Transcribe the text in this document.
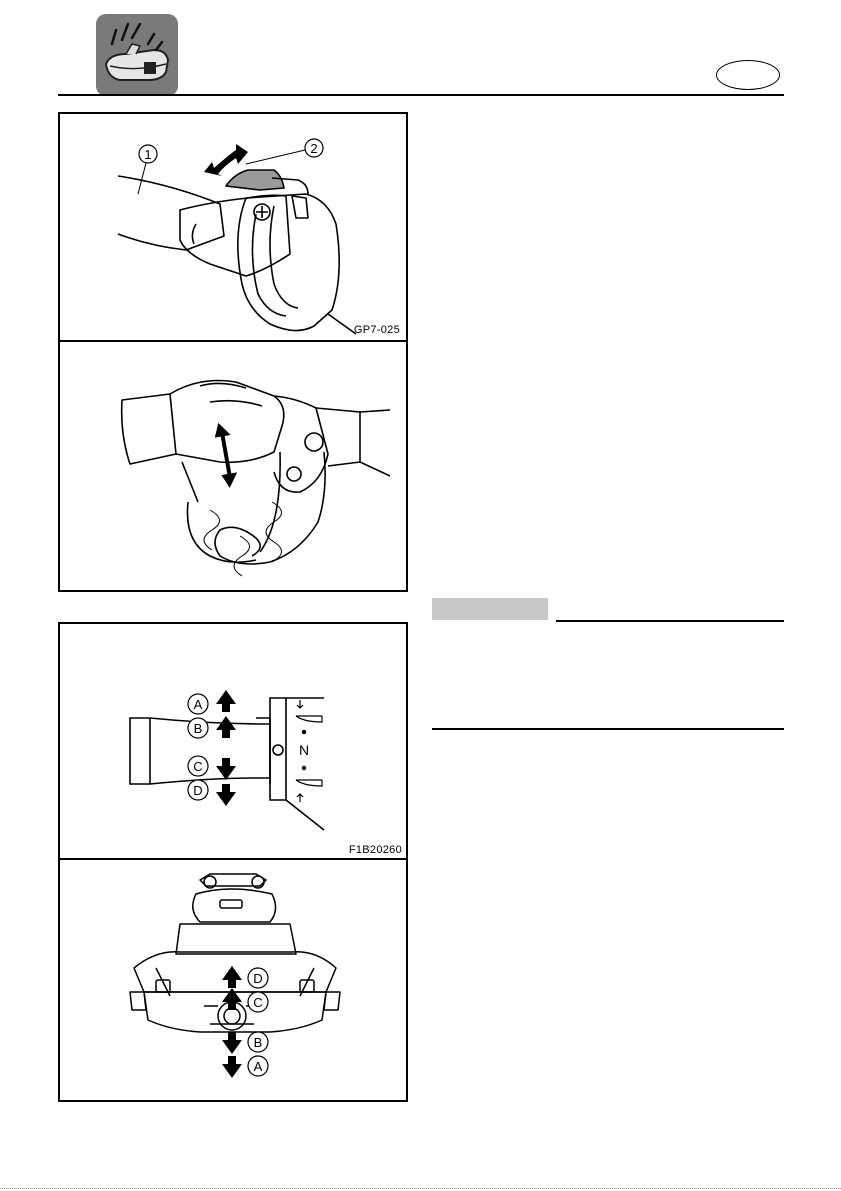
1	2
GP7-025
A
B
C
D
N
F1B20260
D
C
B
A
